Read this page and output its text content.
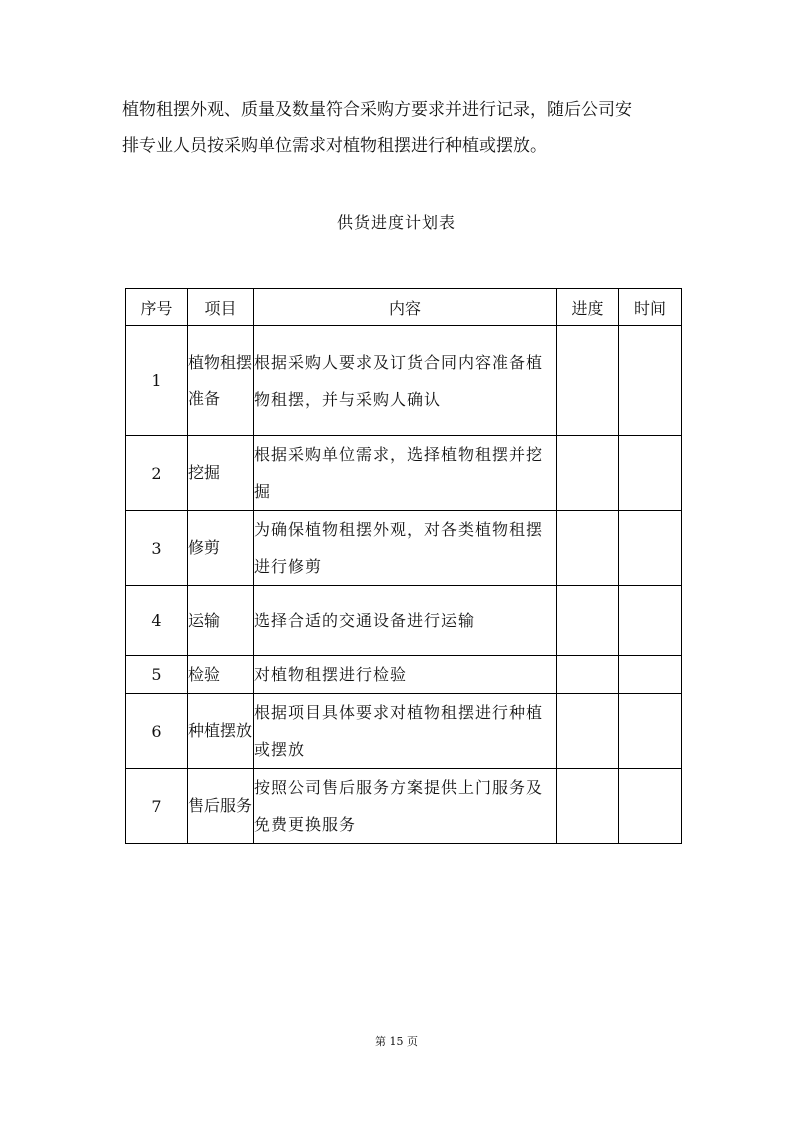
植物租摆外观、质量及数量符合采购方要求并进行记录，随后公司安

排专业人员按采购单位需求对植物租摆进行种植或摆放。

供货进度计划表
序号	项目	内容	进度	时间
1	植物租摆准备	根据采购人要求及订货合同内容准备植物租摆，并与采购人确认		
2	挖掘	根据采购单位需求，选择植物租摆并挖掘		
3	修剪	为确保植物租摆外观，对各类植物租摆进行修剪		
4	运输	选择合适的交通设备进行运输		
5	检验	对植物租摆进行检验		
6	种植摆放	根据项目具体要求对植物租摆进行种植或摆放		
7	售后服务	按照公司售后服务方案提供上门服务及免费更换服务		
第 15 页
